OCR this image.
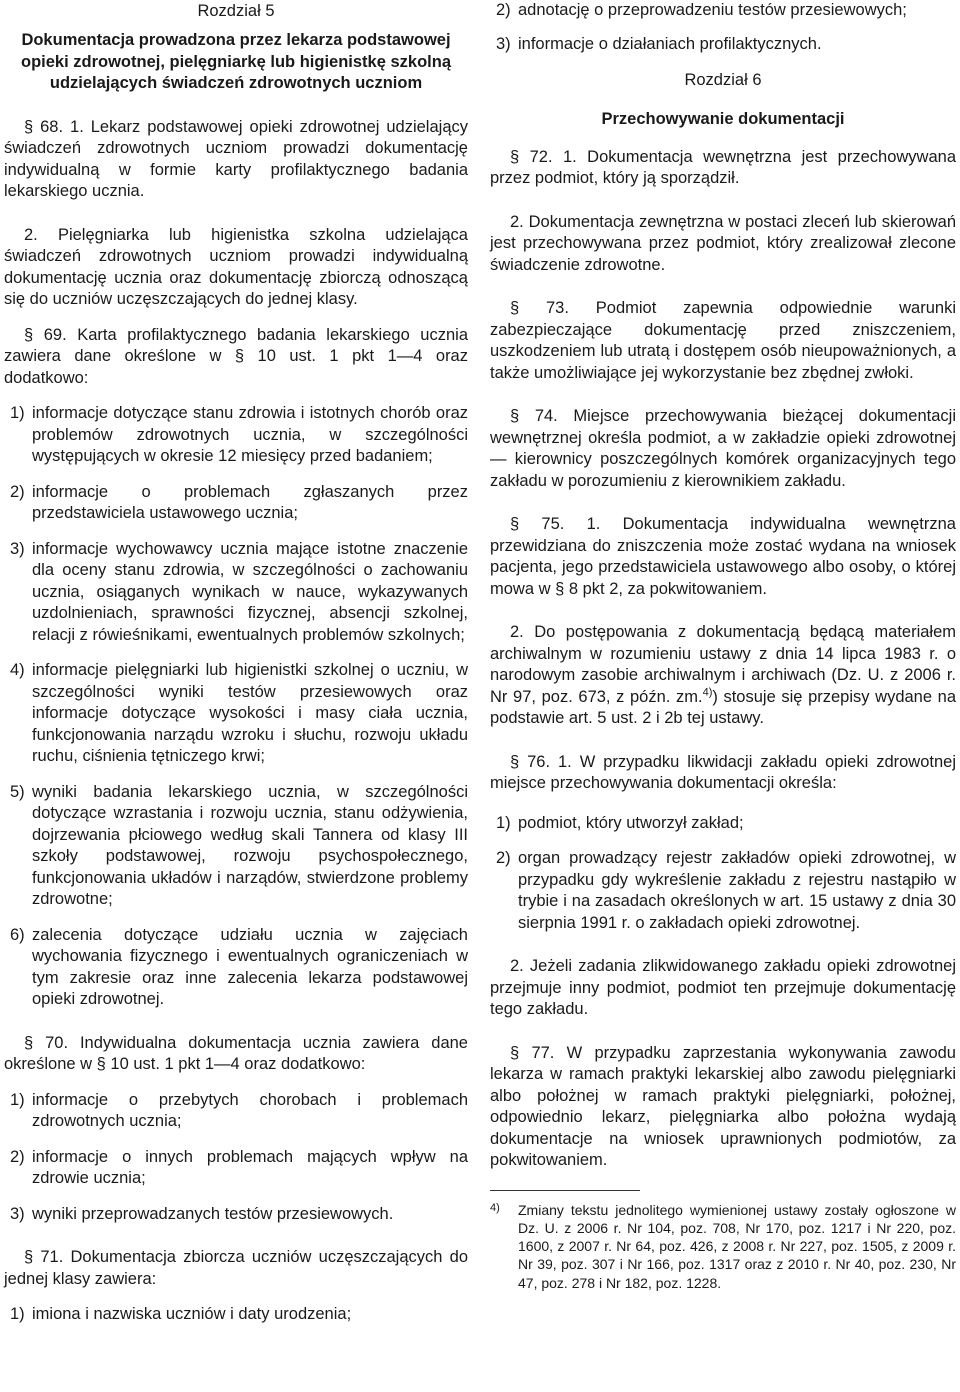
Rozdział 5
Dokumentacja prowadzona przez lekarza podstawowej opieki zdrowotnej, pielęgniarkę lub higienistkę szkolną udzielających świadczeń zdrowotnych uczniom

§ 68. 1. Lekarz podstawowej opieki zdrowotnej udzielający świadczeń zdrowotnych uczniom prowadzi dokumentację indywidualną w formie karty profilaktycznego badania lekarskiego ucznia.

2. Pielęgniarka lub higienistka szkolna udzielająca świadczeń zdrowotnych uczniom prowadzi indywidualną dokumentację ucznia oraz dokumentację zbiorczą odnoszącą się do uczniów uczęszczających do jednej klasy.

§ 69. Karta profilaktycznego badania lekarskiego ucznia zawiera dane określone w § 10 ust. 1 pkt 1—4 oraz dodatkowo:

1) informacje dotyczące stanu zdrowia i istotnych chorób oraz problemów zdrowotnych ucznia, w szczególności występujących w okresie 12 miesięcy przed badaniem;
2) informacje o problemach zgłaszanych przez przedstawiciela ustawowego ucznia;
3) informacje wychowawcy ucznia mające istotne znaczenie dla oceny stanu zdrowia, w szczególności o zachowaniu ucznia, osiąganych wynikach w nauce, wykazywanych uzdolnieniach, sprawności fizycznej, absencji szkolnej, relacji z rówieśnikami, ewentualnych problemów szkolnych;
4) informacje pielęgniarki lub higienistki szkolnej o uczniu, w szczególności wyniki testów przesiewowych oraz informacje dotyczące wysokości i masy ciała ucznia, funkcjonowania narządu wzroku i słuchu, rozwoju układu ruchu, ciśnienia tętniczego krwi;
5) wyniki badania lekarskiego ucznia, w szczególności dotyczące wzrastania i rozwoju ucznia, stanu odżywienia, dojrzewania płciowego według skali Tannera od klasy III szkoły podstawowej, rozwoju psychospołecznego, funkcjonowania układów i narządów, stwierdzone problemy zdrowotne;
6) zalecenia dotyczące udziału ucznia w zajęciach wychowania fizycznego i ewentualnych ograniczeniach w tym zakresie oraz inne zalecenia lekarza podstawowej opieki zdrowotnej.

§ 70. Indywidualna dokumentacja ucznia zawiera dane określone w § 10 ust. 1 pkt 1—4 oraz dodatkowo:

1) informacje o przebytych chorobach i problemach zdrowotnych ucznia;
2) informacje o innych problemach mających wpływ na zdrowie ucznia;
3) wyniki przeprowadzanych testów przesiewowych.

§ 71. Dokumentacja zbiorcza uczniów uczęszczających do jednej klasy zawiera:

1) imiona i nazwiska uczniów i daty urodzenia;
2) adnotację o przeprowadzeniu testów przesiewowych;
3) informacje o działaniach profilaktycznych.
Rozdział 6
Przechowywanie dokumentacji

§ 72. 1. Dokumentacja wewnętrzna jest przechowywana przez podmiot, który ją sporządził.

2. Dokumentacja zewnętrzna w postaci zleceń lub skierowań jest przechowywana przez podmiot, który zrealizował zlecone świadczenie zdrowotne.

§ 73. Podmiot zapewnia odpowiednie warunki zabezpieczające dokumentację przed zniszczeniem, uszkodzeniem lub utratą i dostępem osób nieupoważnionych, a także umożliwiające jej wykorzystanie bez zbędnej zwłoki.

§ 74. Miejsce przechowywania bieżącej dokumentacji wewnętrznej określa podmiot, a w zakładzie opieki zdrowotnej — kierownicy poszczególnych komórek organizacyjnych tego zakładu w porozumieniu z kierownikiem zakładu.

§ 75. 1. Dokumentacja indywidualna wewnętrzna przewidziana do zniszczenia może zostać wydana na wniosek pacjenta, jego przedstawiciela ustawowego albo osoby, o której mowa w § 8 pkt 2, za pokwitowaniem.

2. Do postępowania z dokumentacją będącą materiałem archiwalnym w rozumieniu ustawy z dnia 14 lipca 1983 r. o narodowym zasobie archiwalnym i archiwach (Dz. U. z 2006 r. Nr 97, poz. 673, z późn. zm.$^{4)}$) stosuje się przepisy wydane na podstawie art. 5 ust. 2 i 2b tej ustawy.

§ 76. 1. W przypadku likwidacji zakładu opieki zdrowotnej miejsce przechowywania dokumentacji określa:

1) podmiot, który utworzył zakład;
2) organ prowadzący rejestr zakładów opieki zdrowotnej, w przypadku gdy wykreślenie zakładu z rejestru nastąpiło w trybie i na zasadach określonych w art. 15 ustawy z dnia 30 sierpnia 1991 r. o zakładach opieki zdrowotnej.

2. Jeżeli zadania zlikwidowanego zakładu opieki zdrowotnej przejmuje inny podmiot, podmiot ten przejmuje dokumentację tego zakładu.

§ 77. W przypadku zaprzestania wykonywania zawodu lekarza w ramach praktyki lekarskiej albo zawodu pielęgniarki albo położnej w ramach praktyki pielęgniarki, położnej, odpowiednio lekarz, pielęgniarka albo położna wydają dokumentacje na wniosek uprawnionych podmiotów, za pokwitowaniem.

4) Zmiany tekstu jednolitego wymienionej ustawy zostały ogłoszone w Dz. U. z 2006 r. Nr 104, poz. 708, Nr 170, poz. 1217 i Nr 220, poz. 1600, z 2007 r. Nr 64, poz. 426, z 2008 r. Nr 227, poz. 1505, z 2009 r. Nr 39, poz. 307 i Nr 166, poz. 1317 oraz z 2010 r. Nr 40, poz. 230, Nr 47, poz. 278 i Nr 182, poz. 1228.
